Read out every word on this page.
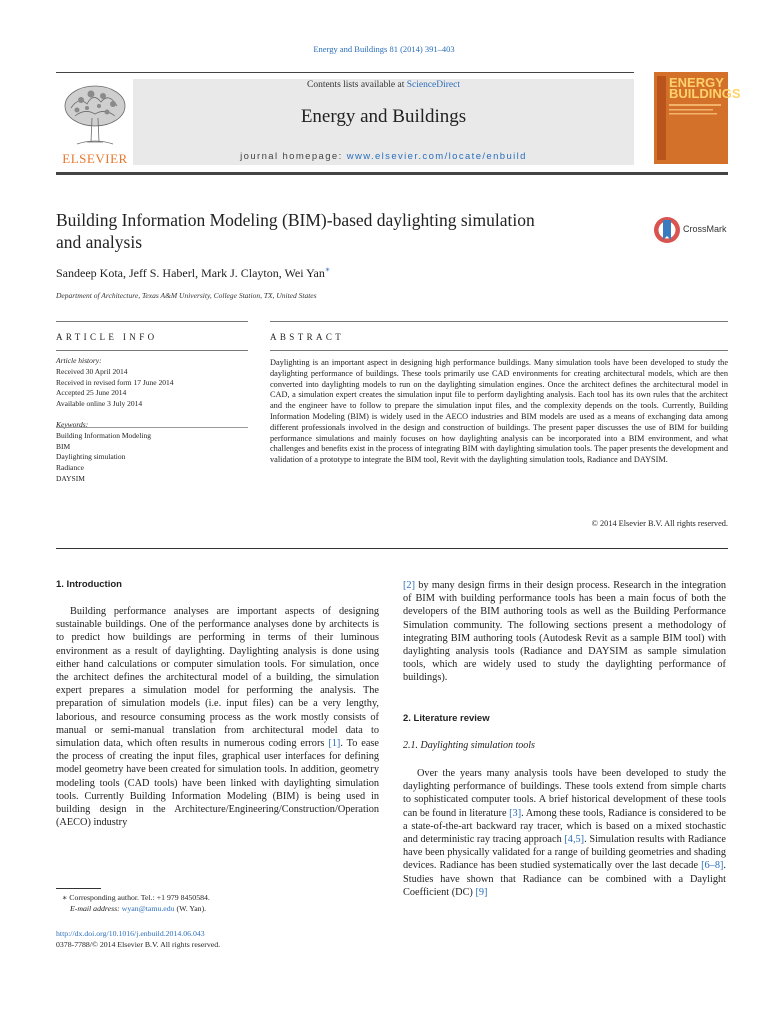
Energy and Buildings 81 (2014) 391–403
Contents lists available at ScienceDirect
Energy and Buildings
journal homepage: www.elsevier.com/locate/enbuild
ELSEVIER
ENERGY
BUILDINGS
Building Information Modeling (BIM)-based daylighting simulation
and analysis
CrossMark
Sandeep Kota, Jeff S. Haberl, Mark J. Clayton, Wei Yan∗
Department of Architecture, Texas A&M University, College Station, TX, United States
ARTICLE INFO	ABSTRACT
Article history:
Received 30 April 2014
Received in revised form 17 June 2014
Accepted 25 June 2014
Available online 3 July 2014
Keywords:
Building Information Modeling
BIM
Daylighting simulation
Radiance
DAYSIM
Daylighting is an important aspect in designing high performance buildings. Many simulation tools have been developed to study the daylighting performance of buildings. These tools primarily use CAD environments for creating architectural models, which are then converted into daylighting models to run on the daylighting simulation engines. Once the architect defines the architectural model in CAD, a simulation expert creates the simulation input file to perform daylighting analysis. Each tool has its own rules that the architect and the engineer have to follow to prepare the simulation input files, and the complexity depends on the tools. Currently, Building Information Modeling (BIM) is widely used in the AECO industries and BIM models are used as a means of exchanging data among different professionals involved in the design and construction of buildings. The present paper discusses the use of BIM for building performance simulations and mainly focuses on how daylighting analysis can be incorporated into a BIM environment, and what challenges and benefits exist in the process of integrating BIM with daylighting simulation tools. The paper presents the development and validation of a prototype to integrate the BIM tool, Revit with the daylighting simulation tools, Radiance and DAYSIM.
© 2014 Elsevier B.V. All rights reserved.
1. Introduction

Building performance analyses are important aspects of designing sustainable buildings. One of the performance analyses done by architects is to predict how buildings are performing in terms of their luminous environment as a result of daylighting. Daylighting analysis is done using either hand calculations or computer simulation tools. For simulation, once the architect defines the architectural model of a building, the simulation expert prepares a simulation model for performing the analysis. The preparation of simulation models (i.e. input files) can be a very lengthy, laborious, and resource consuming process as the work mostly consists of manual or semi-manual translation from architectural model data to simulation data, which often results in numerous coding errors [1]. To ease the process of creating the input files, graphical user interfaces for defining model geometry have been created for simulation tools. In addition, geometry modeling tools (CAD tools) have been linked with daylighting simulation tools. Currently Building Information Modeling (BIM) is being used in building design in the Architecture/Engineering/Construction/Operation (AECO) industry

∗ Corresponding author. Tel.: +1 979 8450584.
E-mail address: wyan@tamu.edu (W. Yan).
http://dx.doi.org/10.1016/j.enbuild.2014.06.043
0378-7788/© 2014 Elsevier B.V. All rights reserved.

[2] by many design firms in their design process. Research in the integration of BIM with building performance tools has been a main focus of both the developers of the BIM authoring tools as well as the Building Performance Simulation community. The following sections present a methodology of integrating BIM authoring tools (Autodesk Revit as a sample BIM tool) with daylighting analysis tools (Radiance and DAYSIM as sample simulation tools, which are widely used to study the daylighting performance of buildings).

2. Literature review
2.1. Daylighting simulation tools

Over the years many analysis tools have been developed to study the daylighting performance of buildings. These tools extend from simple charts to sophisticated computer tools. A brief historical development of these tools can be found in literature [3]. Among these tools, Radiance is considered to be a state-of-the-art backward ray tracer, which is based on a mixed stochastic and deterministic ray tracing approach [4,5]. Simulation results with Radiance have been physically validated for a range of building geometries and shading devices. Radiance has been studied systematically over the last decade [6–8]. Studies have shown that Radiance can be combined with a Daylight Coefficient (DC) [9]
